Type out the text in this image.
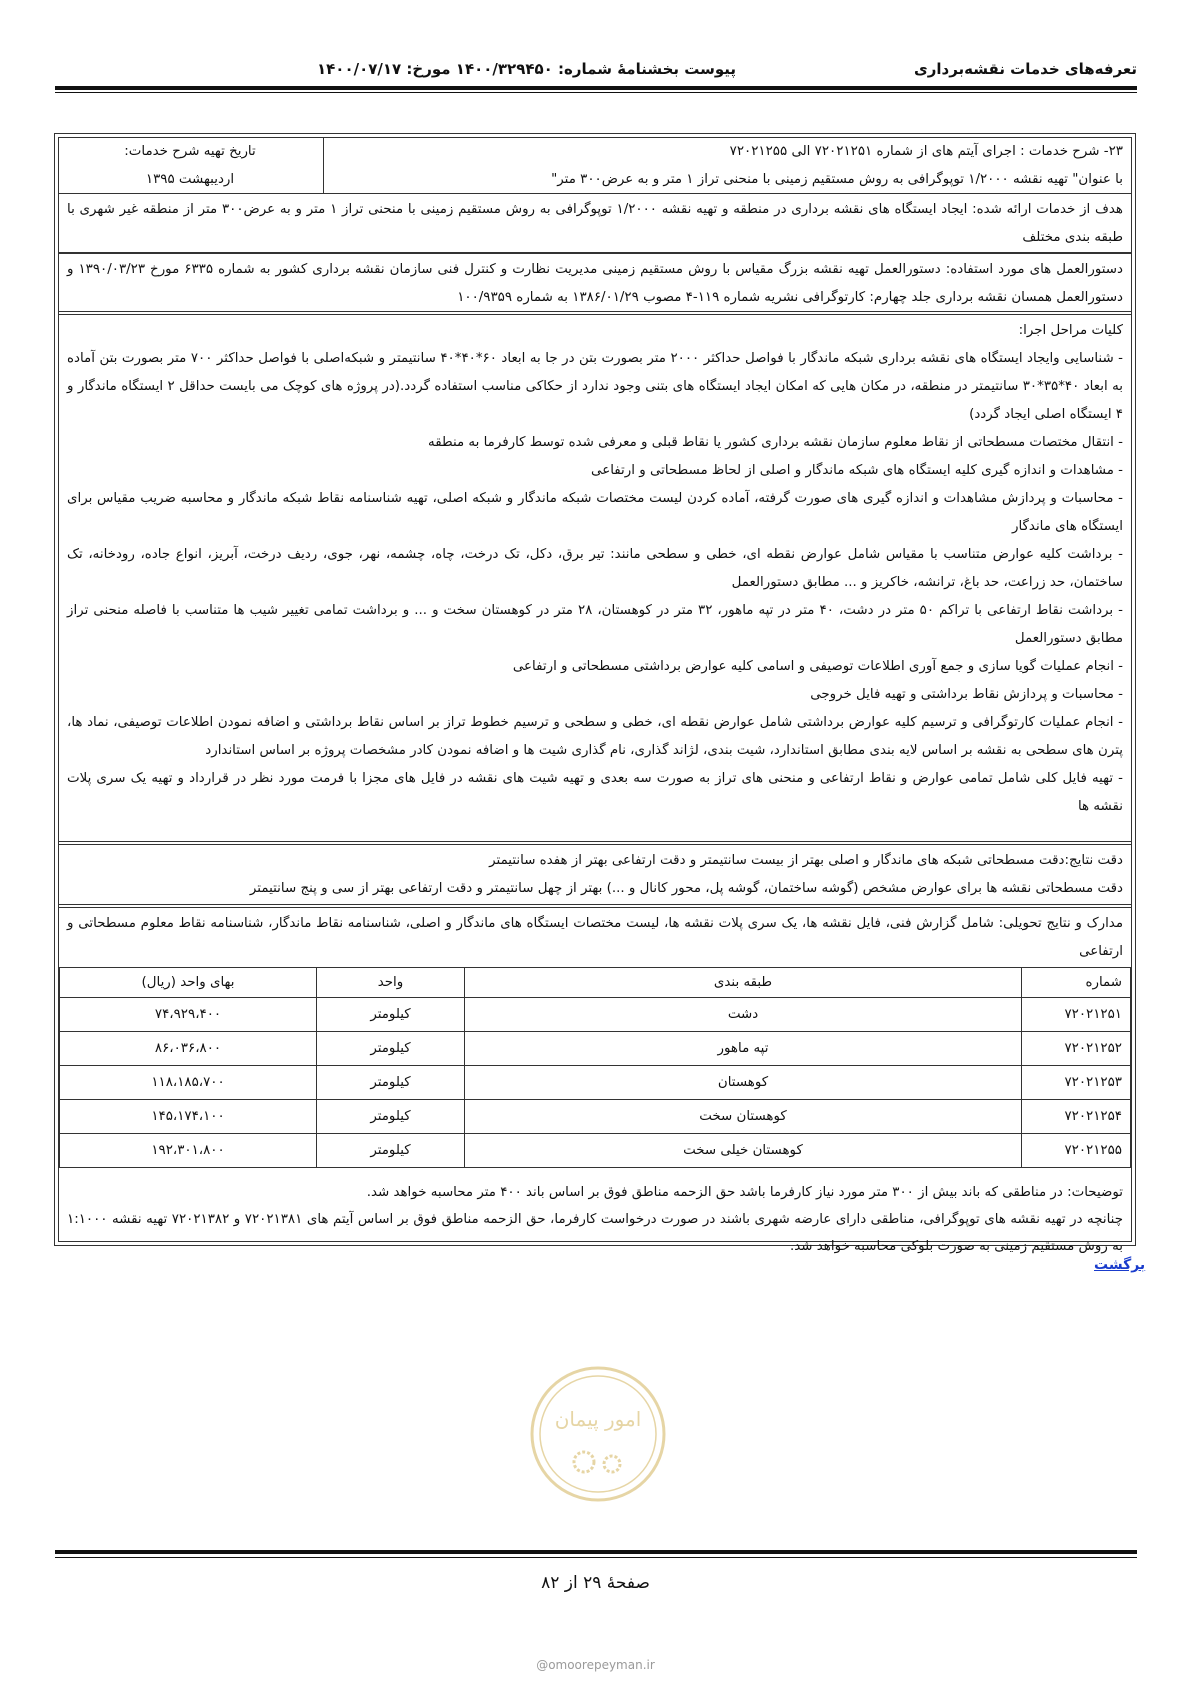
تعرفه‌های خدمات نقشه‌برداری
پیوست بخشنامهٔ شماره: ۱۴۰۰/۳۲۹۴۵۰ مورخ: ۱۴۰۰/۰۷/۱۷

۲۳- شرح خدمات : اجرای آیتم های از شماره ۷۲۰۲۱۲۵۱ الی ۷۲۰۲۱۲۵۵

با عنوان" تهیه نقشه ۱/۲۰۰۰ توپوگرافی به روش مستقیم زمینی با منحنی تراز ۱ متر و به عرض۳۰۰ متر"

تاریخ تهیه شرح خدمات:

اردیبهشت ۱۳۹۵

هدف از خدمات ارائه شده: ایجاد ایستگاه های نقشه برداری در منطقه و تهیه نقشه ۱/۲۰۰۰ توپوگرافی به روش مستقیم زمینی با منحنی تراز ۱ متر و به عرض۳۰۰ متر از منطقه غیر شهری با طبقه بندی مختلف

دستورالعمل های مورد استفاده: دستورالعمل تهیه نقشه بزرگ مقیاس با روش مستقیم زمینی مدیریت نظارت و کنترل فنی سازمان نقشه برداری کشور به شماره ۶۳۳۵ مورخ ۱۳۹۰/۰۳/۲۳ و دستورالعمل همسان نقشه برداری جلد چهارم: کارتوگرافی نشریه شماره ۱۱۹-۴ مصوب ۱۳۸۶/۰۱/۲۹ به شماره ۱۰۰/۹۳۵۹

کلیات مراحل اجرا:

- شناسایی وایجاد ایستگاه های نقشه برداری شبکه ماندگار با فواصل حداکثر ۲۰۰۰ متر بصورت بتن در جا به ابعاد ۶۰*۴۰*۴۰ سانتیمتر و شبکه‌اصلی با فواصل حداکثر ۷۰۰ متر بصورت بتن آماده به ابعاد ۴۰*۳۵*۳۰ سانتیمتر در منطقه، در مکان هایی که امکان ایجاد ایستگاه های بتنی وجود ندارد از حکاکی مناسب استفاده گردد.(در پروژه های کوچک می بایست حداقل ۲ ایستگاه ماندگار و ۴ ایستگاه اصلی ایجاد گردد)

- انتقال مختصات مسطحاتی از نقاط معلوم سازمان نقشه برداری کشور یا نقاط قبلی و معرفی شده توسط کارفرما به منطقه

- مشاهدات و اندازه گیری کلیه ایستگاه های شبکه ماندگار و اصلی از لحاظ مسطحاتی و ارتفاعی

- محاسبات و پردازش مشاهدات و اندازه گیری های صورت گرفته، آماده کردن لیست مختصات شبکه ماندگار و شبکه اصلی، تهیه شناسنامه نقاط شبکه ماندگار و محاسبه ضریب مقیاس برای ایستگاه های ماندگار

- برداشت کلیه عوارض متناسب با مقیاس شامل عوارض نقطه ای، خطی و سطحی مانند: تیر برق، دکل، تک درخت، چاه، چشمه، نهر، جوی، ردیف درخت، آبریز، انواع جاده، رودخانه، تک ساختمان، حد زراعت، حد باغ، ترانشه، خاکریز و ... مطابق دستورالعمل

- برداشت نقاط ارتفاعی با تراکم ۵۰ متر در دشت، ۴۰ متر در تپه ماهور، ۳۲ متر در کوهستان، ۲۸ متر در کوهستان سخت و ... و برداشت تمامی تغییر شیب ها متناسب با فاصله منحنی تراز مطابق دستورالعمل

- انجام عملیات گویا سازی و جمع آوری اطلاعات توصیفی و اسامی کلیه عوارض برداشتی مسطحاتی و ارتفاعی

- محاسبات و پردازش نقاط برداشتی و تهیه فایل خروجی

- انجام عملیات کارتوگرافی و ترسیم کلیه عوارض برداشتی شامل عوارض نقطه ای، خطی و سطحی و ترسیم خطوط تراز بر اساس نقاط برداشتی و اضافه نمودن اطلاعات توصیفی، نماد ها، پترن های سطحی به نقشه بر اساس لایه بندی مطابق استاندارد، شیت بندی، لژاند گذاری، نام گذاری شیت ها و اضافه نمودن کادر مشخصات پروژه بر اساس استاندارد

- تهیه فایل کلی شامل تمامی عوارض و نقاط ارتفاعی و منحنی های تراز به صورت سه بعدی و تهیه شیت های نقشه در فایل های مجزا با فرمت مورد نظر در قرارداد و تهیه یک سری پلات نقشه ها

دقت نتایج:دقت مسطحاتی شبکه های ماندگار و اصلی بهتر از بیست سانتیمتر و دقت ارتفاعی بهتر از هفده سانتیمتر

دقت مسطحاتی نقشه ها برای عوارض مشخص (گوشه ساختمان، گوشه پل، محور کانال و ...) بهتر از چهل سانتیمتر و دقت ارتفاعی بهتر از سی و پنج سانتیمتر

مدارک و نتایج تحویلی: شامل گزارش فنی، فایل نقشه ها، یک سری پلات نقشه ها، لیست مختصات ایستگاه های ماندگار و اصلی، شناسنامه نقاط ماندگار، شناسنامه نقاط معلوم مسطحاتی و ارتفاعی

شماره	طبقه بندی	واحد	بهای واحد (ریال)
۷۲۰۲۱۲۵۱	دشت	کیلومتر	۷۴،۹۲۹،۴۰۰
۷۲۰۲۱۲۵۲	تپه ماهور	کیلومتر	۸۶،۰۳۶،۸۰۰
۷۲۰۲۱۲۵۳	کوهستان	کیلومتر	۱۱۸،۱۸۵،۷۰۰
۷۲۰۲۱۲۵۴	کوهستان سخت	کیلومتر	۱۴۵،۱۷۴،۱۰۰
۷۲۰۲۱۲۵۵	کوهستان خیلی سخت	کیلومتر	۱۹۲،۳۰۱،۸۰۰

توضیحات: در مناطقی که باند بیش از ۳۰۰ متر مورد نیاز کارفرما باشد حق الزحمه مناطق فوق بر اساس باند ۴۰۰ متر محاسبه خواهد شد.

چنانچه در تهیه نقشه های توپوگرافی، مناطقی دارای عارضه شهری باشند در صورت درخواست کارفرما، حق الزحمه مناطق فوق بر اساس آیتم های ۷۲۰۲۱۳۸۱ و ۷۲۰۲۱۳۸۲ تهیه نقشه ۱:۱۰۰۰ به روش مستقیم زمینی به صورت بلوکی محاسبه خواهد شد.

برگشت
امور پیمان
صفحهٔ ۲۹ از ۸۲
@omoorepeyman.ir
